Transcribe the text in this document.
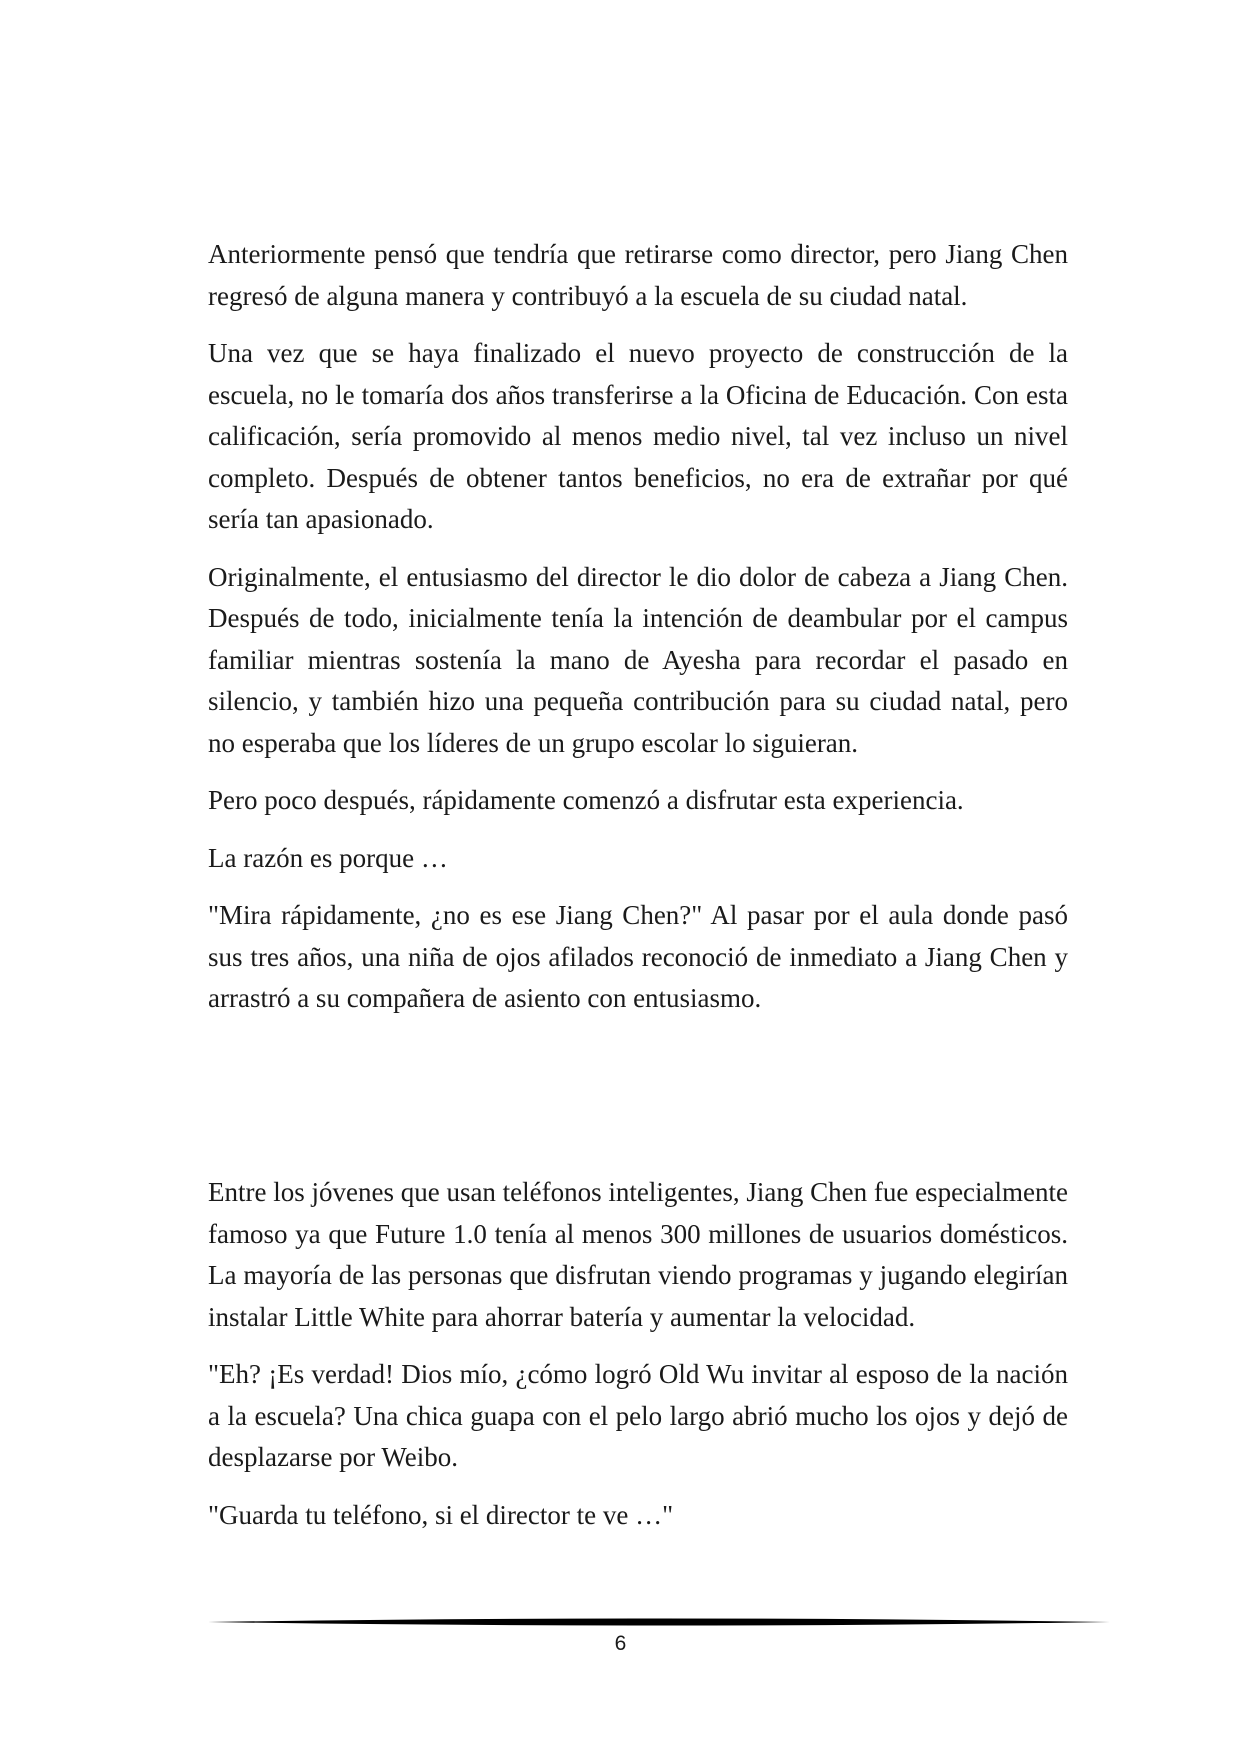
Anteriormente pensó que tendría que retirarse como director, pero Jiang Chen regresó de alguna manera y contribuyó a la escuela de su ciudad natal.

Una vez que se haya finalizado el nuevo proyecto de construcción de la escuela, no le tomaría dos años transferirse a la Oficina de Educación. Con esta calificación, sería promovido al menos medio nivel, tal vez incluso un nivel completo. Después de obtener tantos beneficios, no era de extrañar por qué sería tan apasionado.

Originalmente, el entusiasmo del director le dio dolor de cabeza a Jiang Chen. Después de todo, inicialmente tenía la intención de deambular por el campus familiar mientras sostenía la mano de Ayesha para recordar el pasado en silencio, y también hizo una pequeña contribución para su ciudad natal, pero no esperaba que los líderes de un grupo escolar lo siguieran.

Pero poco después, rápidamente comenzó a disfrutar esta experiencia.

La razón es porque …

"Mira rápidamente, ¿no es ese Jiang Chen?" Al pasar por el aula donde pasó sus tres años, una niña de ojos afilados reconoció de inmediato a Jiang Chen y arrastró a su compañera de asiento con entusiasmo.

Entre los jóvenes que usan teléfonos inteligentes, Jiang Chen fue especialmente famoso ya que Future 1.0 tenía al menos 300 millones de usuarios domésticos. La mayoría de las personas que disfrutan viendo programas y jugando elegirían instalar Little White para ahorrar batería y aumentar la velocidad.

"Eh? ¡Es verdad! Dios mío, ¿cómo logró Old Wu invitar al esposo de la nación a la escuela? Una chica guapa con el pelo largo abrió mucho los ojos y dejó de desplazarse por Weibo.

"Guarda tu teléfono, si el director te ve …"

6
